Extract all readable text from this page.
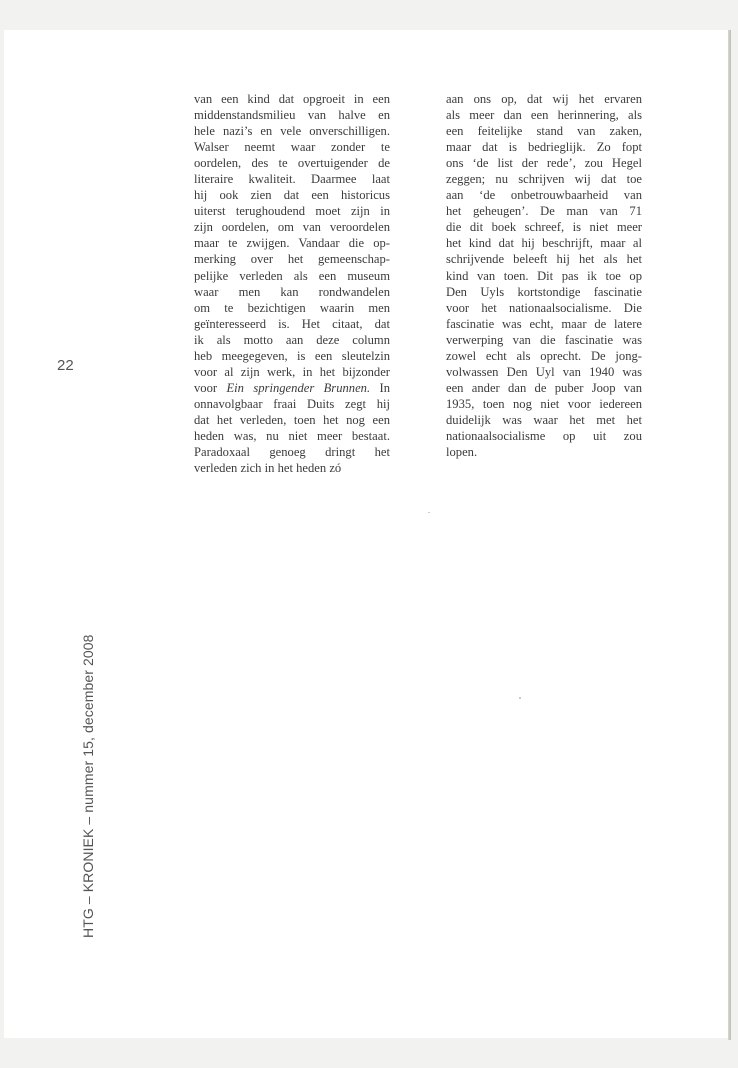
22
HTG – KRONIEK – nummer 15, december 2008
van een kind dat opgroeit in een
middenstandsmilieu van halve en
hele nazi’s en vele onverschilligen.
Walser neemt waar zonder te
oordelen, des te overtuigender de
literaire kwaliteit. Daarmee laat
hij ook zien dat een historicus
uiterst terughoudend moet zijn in
zijn oordelen, om van veroordelen
maar te zwijgen. Vandaar die op-
merking over het gemeenschap-
pelijke verleden als een museum
waar men kan rondwandelen
om te bezichtigen waarin men
geïnteresseerd is. Het citaat, dat
ik als motto aan deze column
heb meegegeven, is een sleutelzin
voor al zijn werk, in het bijzonder
voor Ein springender Brunnen. In
onnavolgbaar fraai Duits zegt hij
dat het verleden, toen het nog een
heden was, nu niet meer bestaat.
Paradoxaal genoeg dringt het
verleden zich in het heden zó
aan ons op, dat wij het ervaren
als meer dan een herinnering, als
een feitelijke stand van zaken,
maar dat is bedrieglijk. Zo fopt
ons ‘de list der rede’, zou Hegel
zeggen; nu schrijven wij dat toe
aan ‘de onbetrouwbaarheid van
het geheugen’. De man van 71
die dit boek schreef, is niet meer
het kind dat hij beschrijft, maar al
schrijvende beleeft hij het als het
kind van toen. Dit pas ik toe op
Den Uyls kortstondige fascinatie
voor het nationaalsocialisme. Die
fascinatie was echt, maar de latere
verwerping van die fascinatie was
zowel echt als oprecht. De jong-
volwassen Den Uyl van 1940 was
een ander dan de puber Joop van
1935, toen nog niet voor iedereen
duidelijk was waar het met het
nationaalsocialisme op uit zou
lopen.
